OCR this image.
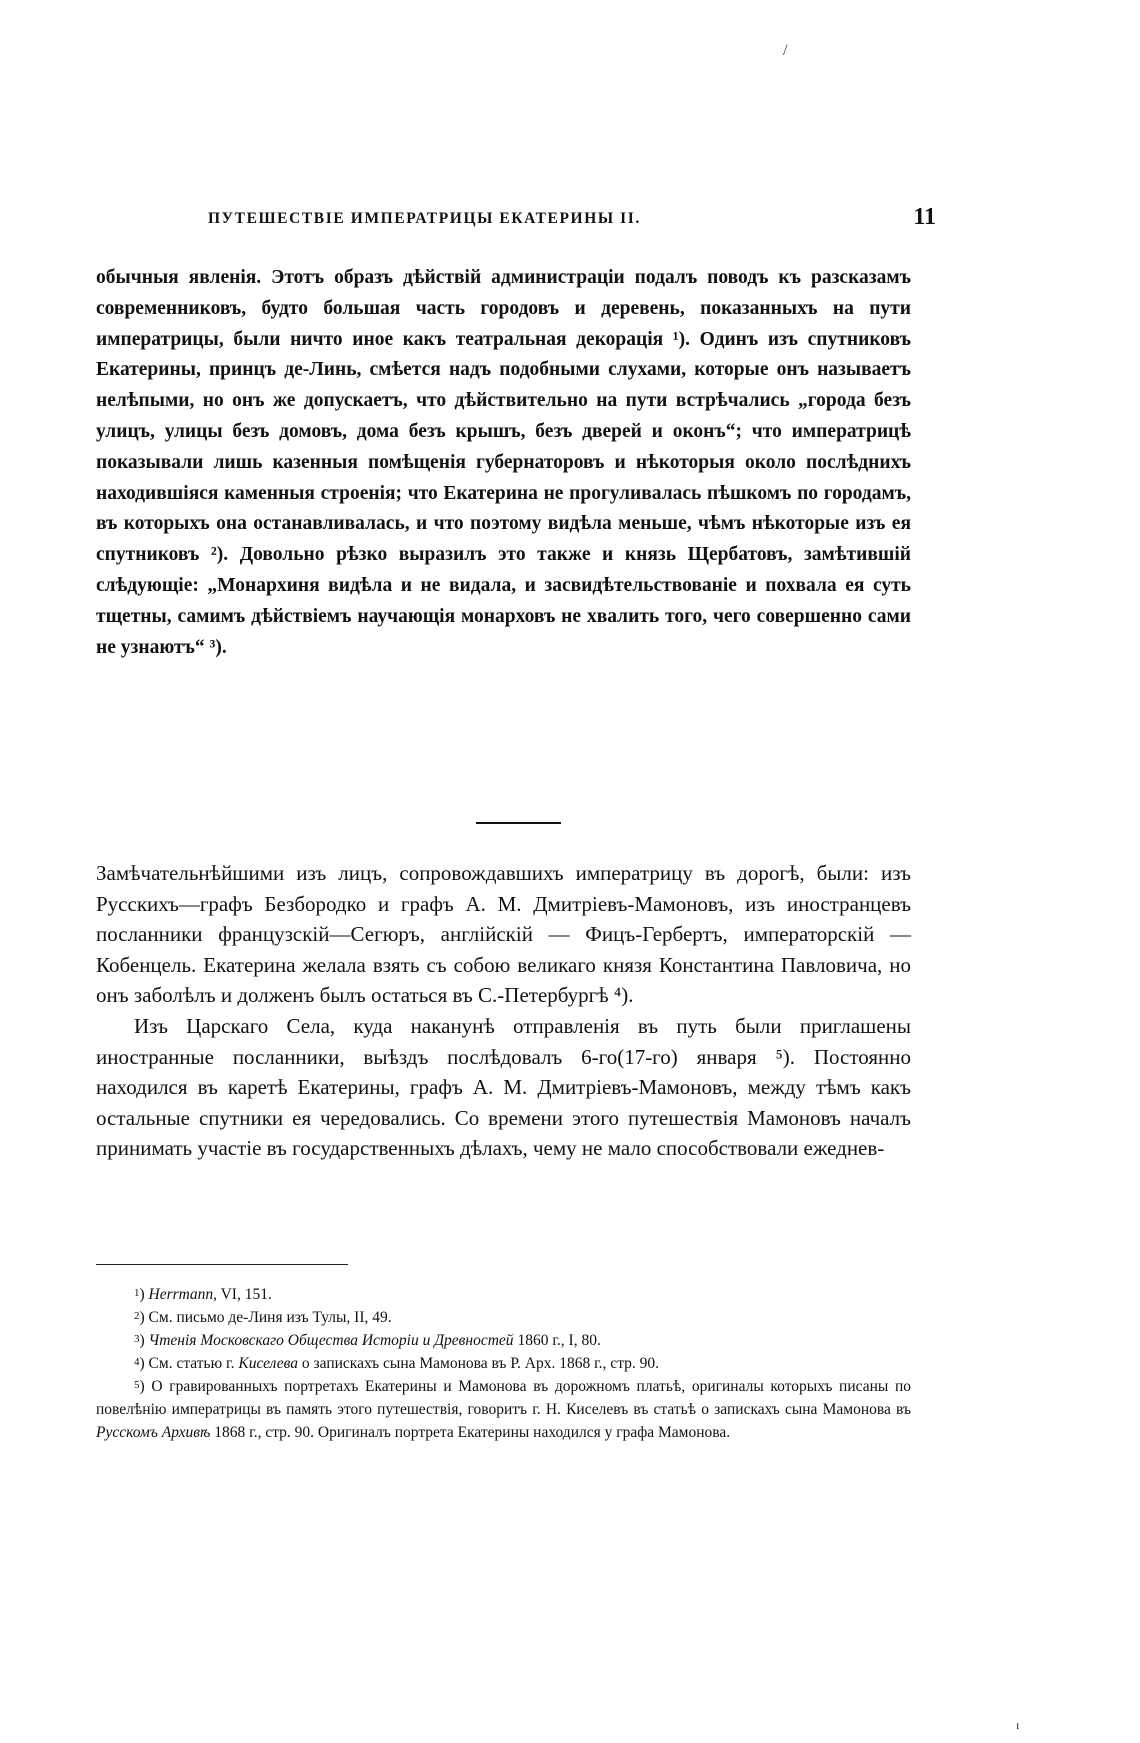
/
ПУТЕШЕСТВІЕ ИМПЕРАТРИЦЫ ЕКАТЕРИНЫ II.	11

обычныя явленія. Этотъ образъ дѣйствій администраціи подалъ поводъ къ разсказамъ современниковъ, будто большая часть городовъ и деревень, показанныхъ на пути императрицы, были ничто иное какъ театральная декорація ¹). Одинъ изъ спутниковъ Екатерины, принцъ де-Линь, смѣется надъ подобными слухами, которые онъ называетъ нелѣпыми, но онъ же допускаетъ, что дѣйствительно на пути встрѣчались „города безъ улицъ, улицы безъ домовъ, дома безъ крышъ, безъ дверей и оконъ“; что императрицѣ показывали лишь казенныя помѣщенія губернаторовъ и нѣкоторыя около послѣднихъ находившіяся каменныя строенія; что Екатерина не прогуливалась пѣшкомъ по городамъ, въ которыхъ она останавливалась, и что поэтому видѣла меньше, чѣмъ нѣкоторые изъ ея спутниковъ ²). Довольно рѣзко выразилъ это также и князь Щербатовъ, замѣтившій слѣдующіе: „Монархиня видѣла и не видала, и засвидѣтельствованіе и похвала ея суть тщетны, самимъ дѣйствіемъ научающія монарховъ не хвалить того, чего совершенно сами не узнаютъ“ ³).

Замѣчательнѣйшими изъ лицъ, сопровождавшихъ императрицу въ дорогѣ, были: изъ Русскихъ—графъ Безбородко и графъ А. М. Дмитріевъ-Мамоновъ, изъ иностранцевъ посланники французскій—Сегюръ, англійскій — Фицъ-Гербертъ, императорскій — Кобенцель. Екатерина желала взять съ собою великаго князя Константина Павловича, но онъ заболѣлъ и долженъ былъ остаться въ С.-Петербургѣ ⁴).

Изъ Царскаго Села, куда наканунѣ отправленія въ путь были приглашены иностранные посланники, выѣздъ послѣдовалъ 6-го(17-го) января ⁵). Постоянно находился въ каретѣ Екатерины, графъ А. М. Дмитріевъ-Мамоновъ, между тѣмъ какъ остальные спутники ея чередовались. Со времени этого путешествія Мамоновъ началъ принимать участіе въ государственныхъ дѣлахъ, чему не мало способствовали ежеднев-

$^1$) Herrmann, VI, 151.

$^2$) См. письмо де-Линя изъ Тулы, II, 49.

$^3$) Чтенія Московскаго Общества Исторіи и Древностей 1860 г., I, 80.

$^4$) См. статью г. Киселева о запискахъ сына Мамонова въ Р. Арх. 1868 г., стр. 90.

$^5$) О гравированныхъ портретахъ Екатерины и Мамонова въ дорожномъ платьѣ, оригиналы которыхъ писаны по повелѣнію императрицы въ память этого путешествія, говоритъ г. Н. Киселевъ въ статьѣ о запискахъ сына Мамонова въ Русскомъ Архивѣ 1868 г., стр. 90. Оригиналъ портрета Екатерины находился у графа Мамонова.

ɪ
